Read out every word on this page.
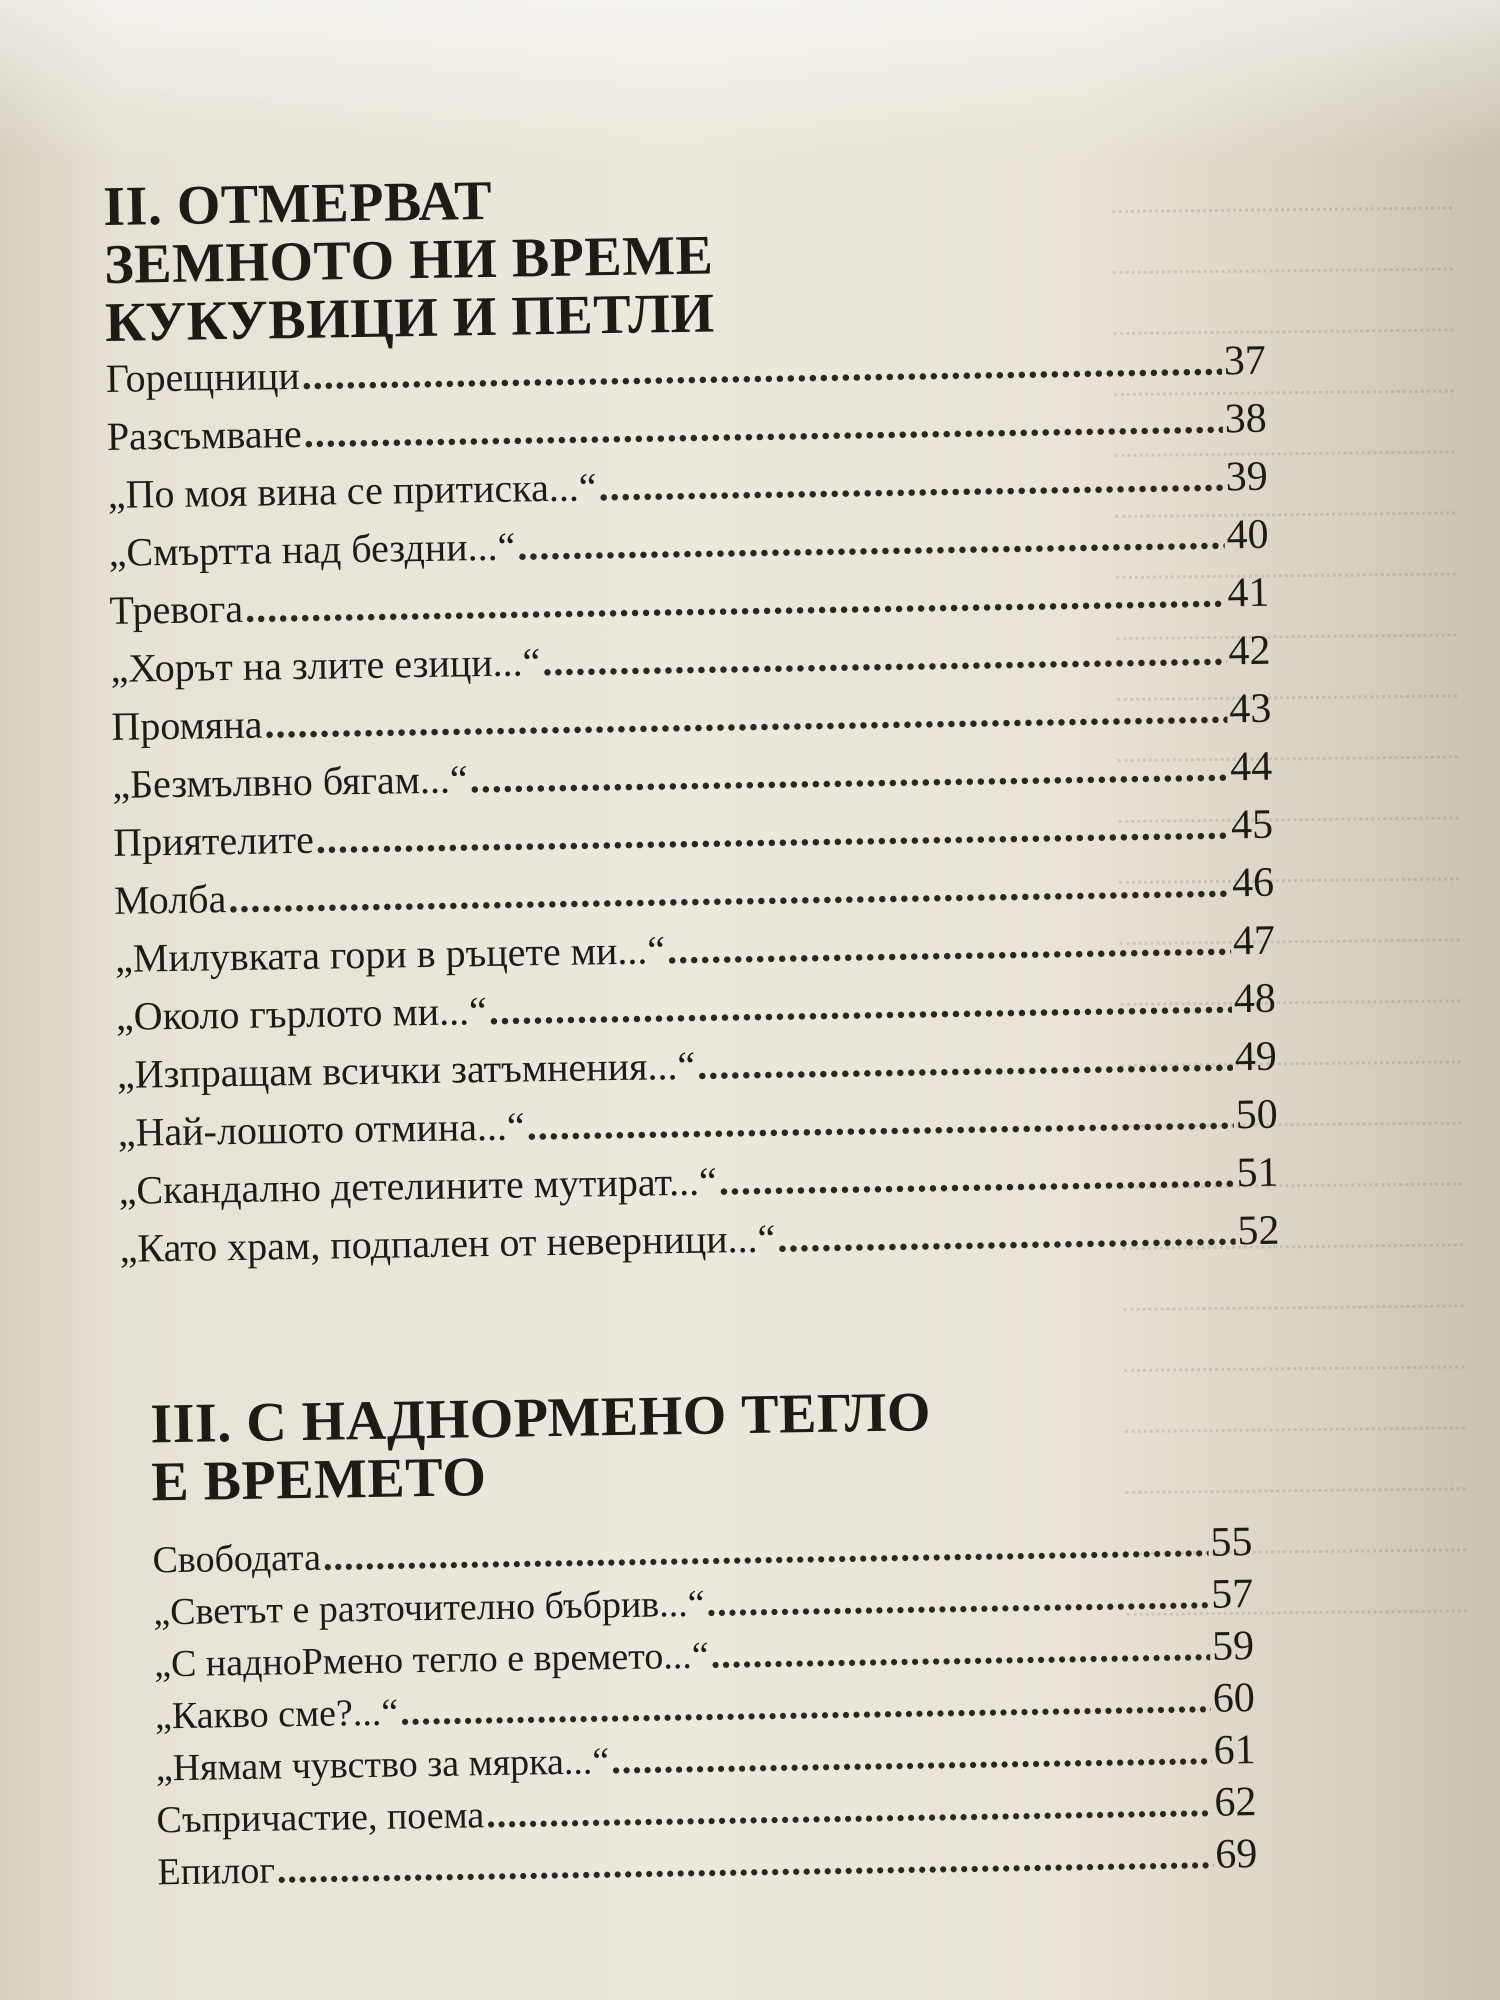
II. ОТМЕРВАТ

ЗЕМНОТО НИ ВРЕМЕ

КУКУВИЦИ И ПЕТЛИ

Горещници .....	37
Разсъмване .....	38
„По моя вина се притиска...“ .....	39
„Смъртта над бездни...“ .....	40
Тревога .....	41
„Хорът на злите езици...“ .....	42
Промяна .....	43
„Безмълвно бягам...“ .....	44
Приятелите .....	45
Молба .....	46
„Милувката гори в ръцете ми...“ .....	47
„Около гърлото ми...“ .....	48
„Изпращам всички затъмнения...“ .....	49
„Най-лошото отмина...“ .....	50
„Скандално детелините мутират...“ .....	51
„Като храм, подпален от неверници...“ .....	52

III. С НАДНОРМЕНО ТЕГЛО

Е ВРЕМЕТО

Свободата .....	55
„Светът е разточително бъбрив...“ .....	57
„С надноРмено тегло е времето...“ .....	59
„Какво сме?...“ .....	60
„Нямам чувство за мярка...“ .....	61
Съпричастие, поема .....	62
Епилог .....	69
